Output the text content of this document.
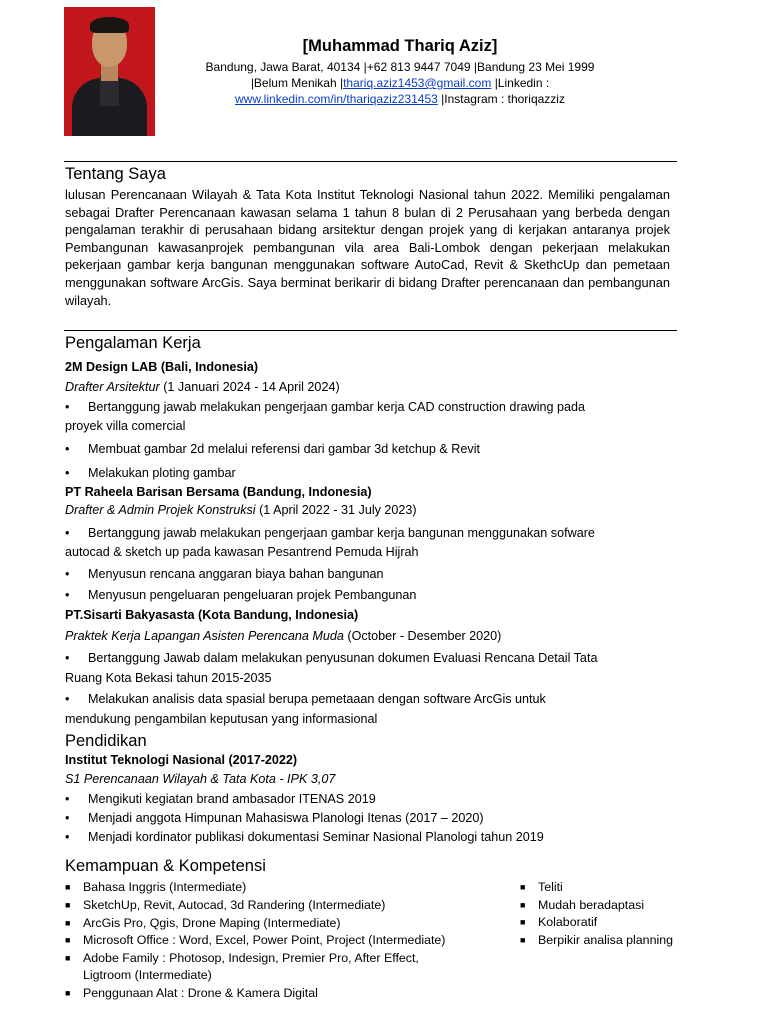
[Muhammad Thariq Aziz]
Bandung, Jawa Barat, 40134 |+62 813 9447 7049 |Bandung 23 Mei 1999
|Belum Menikah |thariq.aziz1453@gmail.com |Linkedin :
www.linkedin.com/in/thariqaziz231453 |Instagram : thoriqazziz
Tentang Saya
lulusan Perencanaan Wilayah & Tata Kota Institut Teknologi Nasional tahun 2022. Memiliki pengalaman sebagai Drafter Perencanaan kawasan selama 1 tahun 8 bulan di 2 Perusahaan yang berbeda dengan pengalaman terakhir di perusahaan bidang arsitektur dengan projek yang di kerjakan antaranya projek Pembangunan kawasanprojek pembangunan vila area Bali-Lombok dengan pekerjaan melakukan pekerjaan gambar kerja bangunan menggunakan software AutoCad, Revit & SkethcUp dan pemetaan menggunakan software ArcGis. Saya berminat berikarir di bidang Drafter perencanaan dan pembangunan wilayah.
Pengalaman Kerja
2M Design LAB (Bali, Indonesia)
Drafter Arsitektur (1 Januari 2024 - 14 April 2024)
• Bertanggung jawab melakukan pengerjaan gambar kerja CAD construction drawing pada
proyek villa comercial
• Membuat gambar 2d melalui referensi dari gambar 3d ketchup & Revit
• Melakukan ploting gambar
PT Raheela Barisan Bersama (Bandung, Indonesia)
Drafter & Admin Projek Konstruksi (1 April 2022 - 31 July 2023)
• Bertanggung jawab melakukan pengerjaan gambar kerja bangunan menggunakan sofware
autocad & sketch up pada kawasan Pesantrend Pemuda Hijrah
• Menyusun rencana anggaran biaya bahan bangunan
• Menyusun pengeluaran pengeluaran projek Pembangunan
PT.Sisarti Bakyasasta (Kota Bandung, Indonesia)
Praktek Kerja Lapangan Asisten Perencana Muda (October - Desember 2020)
• Bertanggung Jawab dalam melakukan penyusunan dokumen Evaluasi Rencana Detail Tata
Ruang Kota Bekasi tahun 2015-2035
• Melakukan analisis data spasial berupa pemetaaan dengan software ArcGis untuk
mendukung pengambilan keputusan yang informasional
Pendidikan
Institut Teknologi Nasional (2017-2022)
S1 Perencanaan Wilayah & Tata Kota - IPK 3,07
• Mengikuti kegiatan brand ambasador ITENAS 2019
• Menjadi anggota Himpunan Mahasiswa Planologi Itenas (2017 – 2020)
• Menjadi kordinator publikasi dokumentasi Seminar Nasional Planologi tahun 2019
Kemampuan & Kompetensi
■ Bahasa Inggris (Intermediate)
■ SketchUp, Revit, Autocad, 3d Randering (Intermediate)
■ ArcGis Pro, Qgis, Drone Maping (Intermediate)
■ Microsoft Office : Word, Excel, Power Point, Project (Intermediate)
■ Adobe Family : Photosop, Indesign, Premier Pro, After Effect,
Ligtroom (Intermediate)
■ Penggunaan Alat : Drone & Kamera Digital
■ Teliti
■ Mudah beradaptasi
■ Kolaboratif
■ Berpikir analisa planning
